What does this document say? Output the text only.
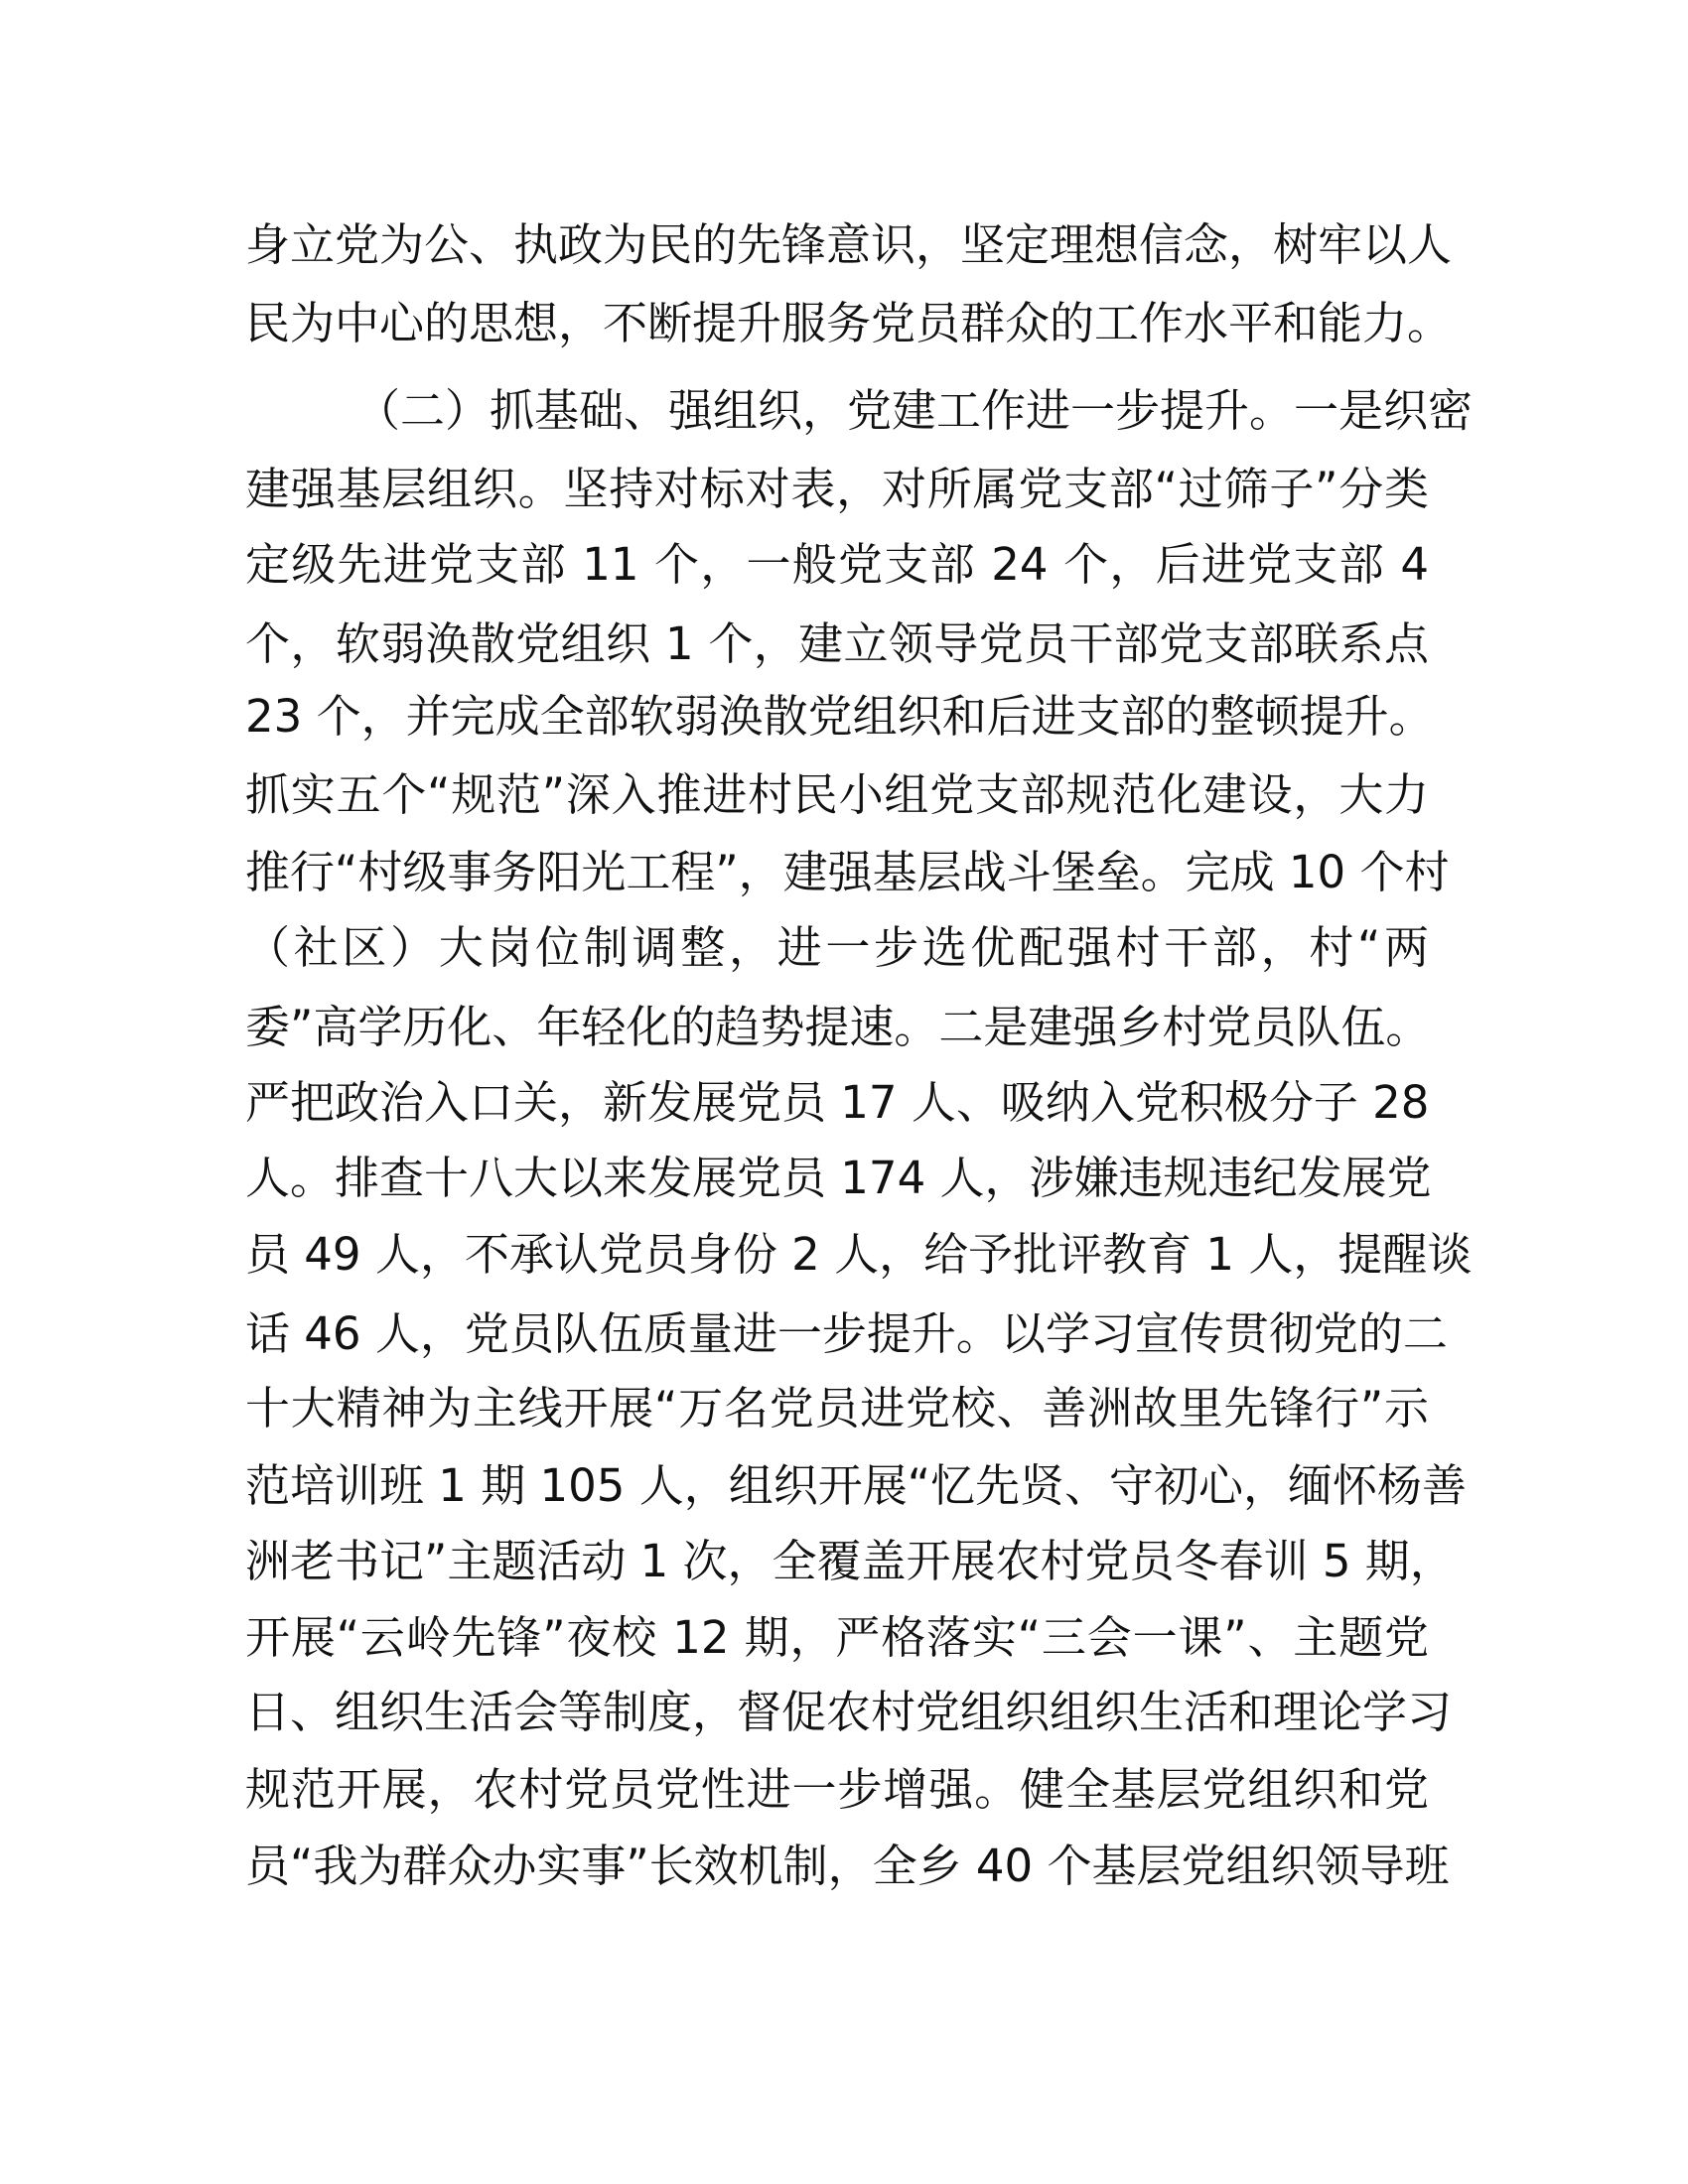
身立党为公、执政为民的先锋意识，坚定理想信念，树牢以人
民为中心的思想，不断提升服务党员群众的工作水平和能力。
（二）抓基础、强组织，党建工作进一步提升。一是织密
建强基层组织。坚持对标对表，对所属党支部“过筛子”分类
定级先进党支部 11 个，一般党支部 24 个，后进党支部 4
个，软弱涣散党组织 1 个，建立领导党员干部党支部联系点
23 个，并完成全部软弱涣散党组织和后进支部的整顿提升。
抓实五个“规范”深入推进村民小组党支部规范化建设，大力
推行“村级事务阳光工程”，建强基层战斗堡垒。完成 10 个村
（社区）大岗位制调整，进一步选优配强村干部，村“两
委”高学历化、年轻化的趋势提速。二是建强乡村党员队伍。
严把政治入口关，新发展党员 17 人、吸纳入党积极分子 28
人。排查十八大以来发展党员 174 人，涉嫌违规违纪发展党
员 49 人，不承认党员身份 2 人，给予批评教育 1 人，提醒谈
话 46 人，党员队伍质量进一步提升。以学习宣传贯彻党的二
十大精神为主线开展“万名党员进党校、善洲故里先锋行”示
范培训班 1 期 105 人，组织开展“忆先贤、守初心，缅怀杨善
洲老书记”主题活动 1 次，全覆盖开展农村党员冬春训 5 期，
开展“云岭先锋”夜校 12 期，严格落实“三会一课”、主题党
日、组织生活会等制度，督促农村党组织组织生活和理论学习
规范开展，农村党员党性进一步增强。健全基层党组织和党
员“我为群众办实事”长效机制，全乡 40 个基层党组织领导班
